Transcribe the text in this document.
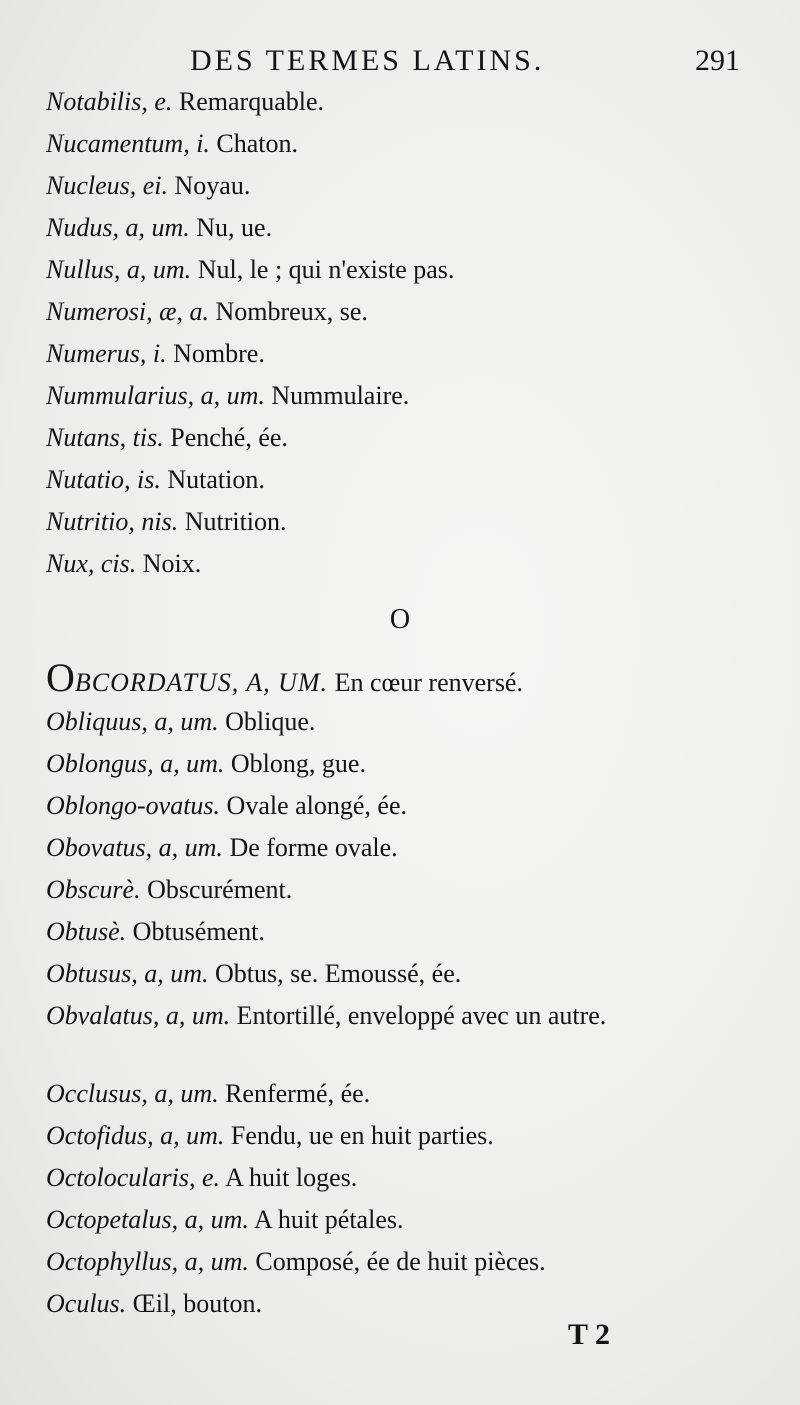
DES TERMES LATINS.	291
Notabilis, e. Remarquable.
Nucamentum, i. Chaton.
Nucleus, ei. Noyau.
Nudus, a, um. Nu, ue.
Nullus, a, um. Nul, le ; qui n'existe pas.
Numerosi, æ, a. Nombreux, se.
Numerus, i. Nombre.
Nummularius, a, um. Nummulaire.
Nutans, tis. Penché, ée.
Nutatio, is. Nutation.
Nutritio, nis. Nutrition.
Nux, cis. Noix.
O
OBCORDATUS, A, UM. En cœur renversé.
Obliquus, a, um. Oblique.
Oblongus, a, um. Oblong, gue.
Oblongo-ovatus. Ovale alongé, ée.
Obovatus, a, um. De forme ovale.
Obscurè. Obscurément.
Obtusè. Obtusément.
Obtusus, a, um. Obtus, se. Emoussé, ée.
Obvalatus, a, um. Entortillé, enveloppé avec un autre.
Occlusus, a, um. Renfermé, ée.
Octofidus, a, um. Fendu, ue en huit parties.
Octolocularis, e. A huit loges.
Octopetalus, a, um. A huit pétales.
Octophyllus, a, um. Composé, ée de huit pièces.
Oculus. Œil, bouton.
T 2
